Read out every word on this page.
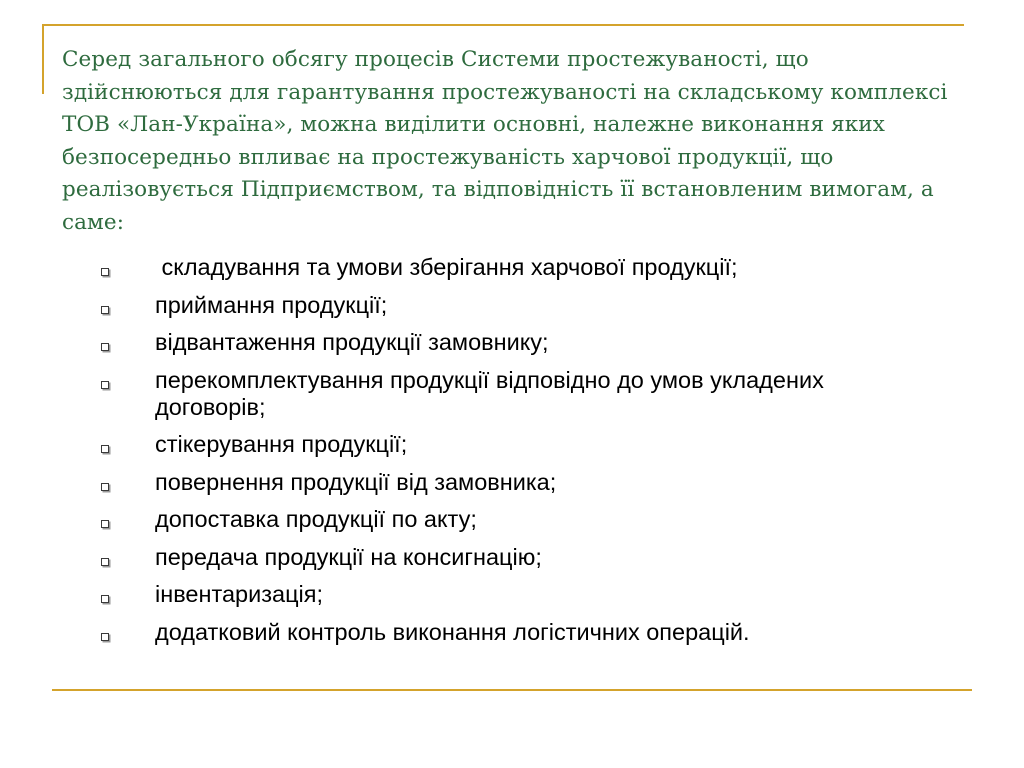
Серед загального обсягу процесів Системи простежуваності, що здійснюються для гарантування простежуваності на складському комплексі ТОВ «Лан-Україна», можна виділити основні, належне виконання яких безпосередньо впливає на простежуваність харчової продукції, що реалізовується Підприємством, та відповідність її встановленим вимогам, а саме:

складування та умови зберігання харчової продукції;
приймання продукції;
відвантаження продукції замовнику;
перекомплектування продукції відповідно до умов укладених договорів;
стікерування продукції;
повернення продукції від замовника;
допоставка продукції по акту;
передача продукції на консигнацію;
інвентаризація;
додатковий контроль виконання логістичних операцій.
